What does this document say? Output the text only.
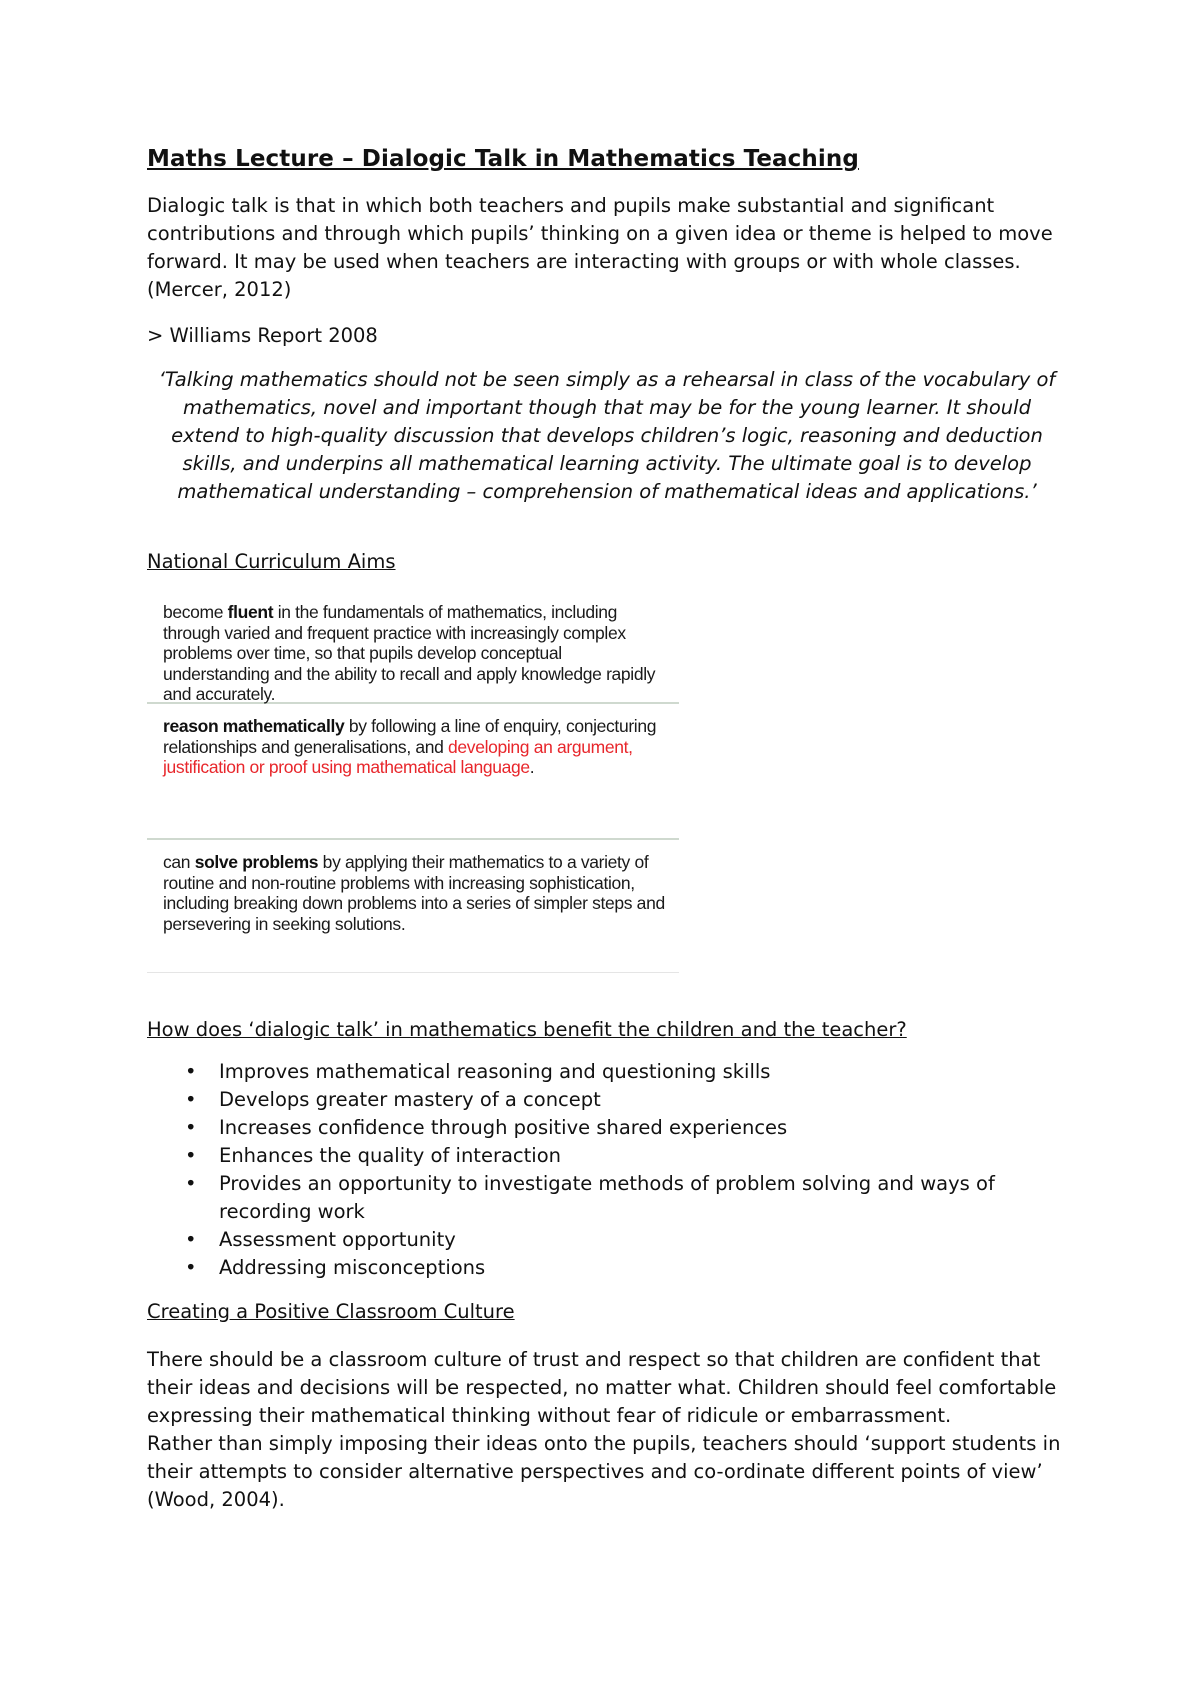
Maths Lecture – Dialogic Talk in Mathematics Teaching

Dialogic talk is that in which both teachers and pupils make substantial and significant contributions and through which pupils’ thinking on a given idea or theme is helped to move forward. It may be used when teachers are interacting with groups or with whole classes. (Mercer, 2012)

> Williams Report 2008

‘Talking mathematics should not be seen simply as a rehearsal in class of the vocabulary of mathematics, novel and important though that may be for the young learner. It should extend to high-quality discussion that develops children’s logic, reasoning and deduction skills, and underpins all mathematical learning activity. The ultimate goal is to develop mathematical understanding – comprehension of mathematical ideas and applications.’

National Curriculum Aims

become fluent in the fundamentals of mathematics, including through varied and frequent practice with increasingly complex problems over time, so that pupils develop conceptual understanding and the ability to recall and apply knowledge rapidly and accurately.
reason mathematically by following a line of enquiry, conjecturing relationships and generalisations, and developing an argument, justification or proof using mathematical language.
can solve problems by applying their mathematics to a variety of routine and non-routine problems with increasing sophistication, including breaking down problems into a series of simpler steps and persevering in seeking solutions.

How does ‘dialogic talk’ in mathematics benefit the children and the teacher?

• Improves mathematical reasoning and questioning skills
• Develops greater mastery of a concept
• Increases confidence through positive shared experiences
• Enhances the quality of interaction
• Provides an opportunity to investigate methods of problem solving and ways of recording work
• Assessment opportunity
• Addressing misconceptions

Creating a Positive Classroom Culture

There should be a classroom culture of trust and respect so that children are confident that their ideas and decisions will be respected, no matter what. Children should feel comfortable expressing their mathematical thinking without fear of ridicule or embarrassment.

Rather than simply imposing their ideas onto the pupils, teachers should ‘support students in their attempts to consider alternative perspectives and co-ordinate different points of view’ (Wood, 2004).
